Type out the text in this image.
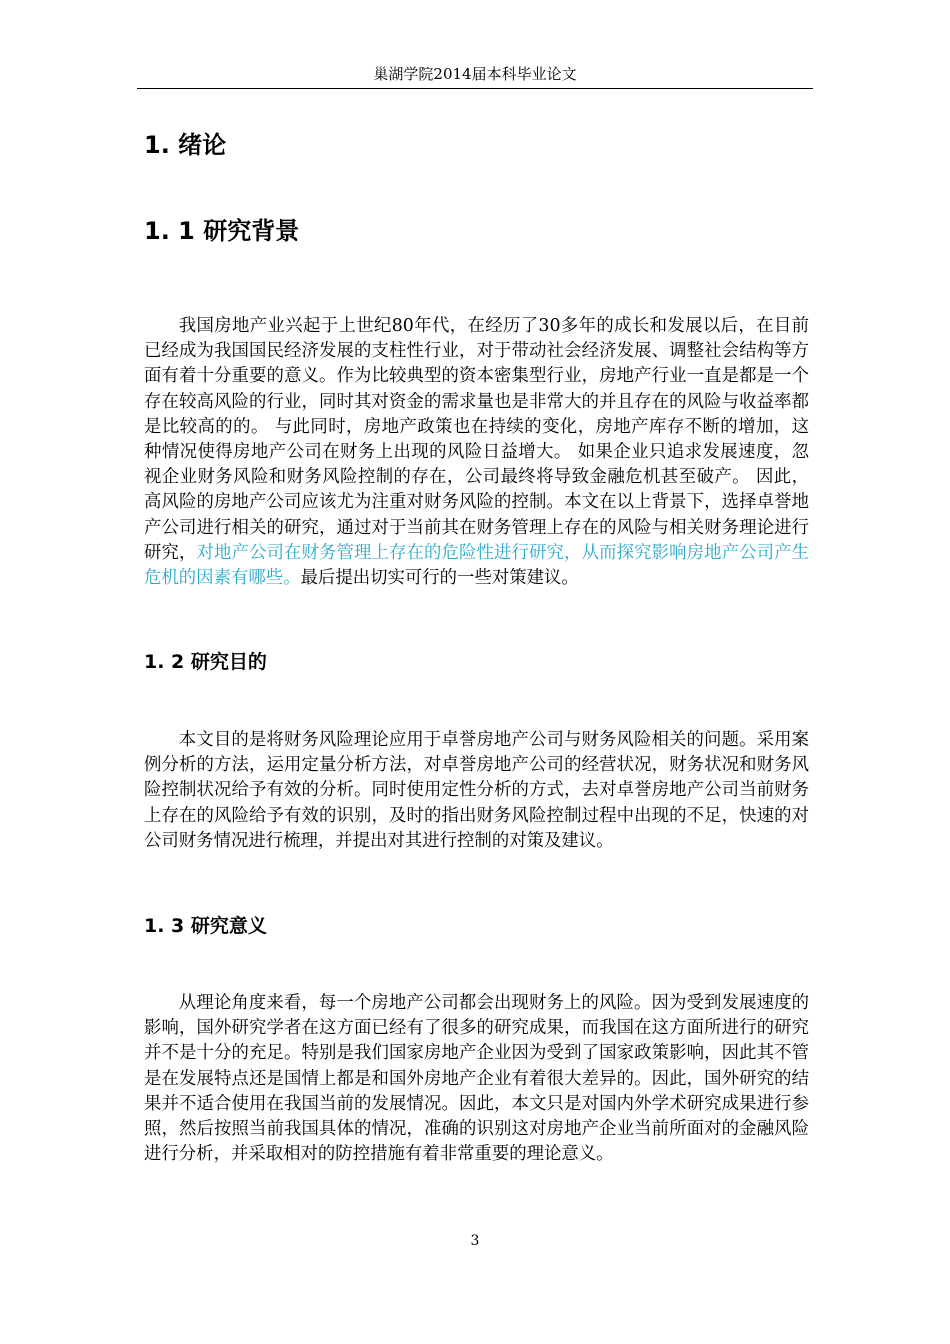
巢湖学院2014届本科毕业论文
1. 绪论
1. 1 研究背景

我国房地产业兴起于上世纪80年代，在经历了30多年的成长和发展以后，在目前已经成为我国国民经济发展的支柱性行业，对于带动社会经济发展、调整社会结构等方面有着十分重要的意义。作为比较典型的资本密集型行业，房地产行业一直是都是一个存在较高风险的行业，同时其对资金的需求量也是非常大的并且存在的风险与收益率都是比较高的的。 与此同时，房地产政策也在持续的变化，房地产库存不断的增加，这种情况使得房地产公司在财务上出现的风险日益增大。 如果企业只追求发展速度，忽视企业财务风险和财务风险控制的存在，公司最终将导致金融危机甚至破产。 因此，高风险的房地产公司应该尤为注重对财务风险的控制。本文在以上背景下，选择卓誉地产公司进行相关的研究，通过对于当前其在财务管理上存在的风险与相关财务理论进行研究，对地产公司在财务管理上存在的危险性进行研究，从而探究影响房地产公司产生危机的因素有哪些。最后提出切实可行的一些对策建议。

1. 2 研究目的

本文目的是将财务风险理论应用于卓誉房地产公司与财务风险相关的问题。采用案例分析的方法，运用定量分析方法，对卓誉房地产公司的经营状况，财务状况和财务风险控制状况给予有效的分析。同时使用定性分析的方式，去对卓誉房地产公司当前财务上存在的风险给予有效的识别，及时的指出财务风险控制过程中出现的不足，快速的对公司财务情况进行梳理，并提出对其进行控制的对策及建议。

1. 3 研究意义

从理论角度来看，每一个房地产公司都会出现财务上的风险。因为受到发展速度的影响，国外研究学者在这方面已经有了很多的研究成果，而我国在这方面所进行的研究并不是十分的充足。特别是我们国家房地产企业因为受到了国家政策影响，因此其不管是在发展特点还是国情上都是和国外房地产企业有着很大差异的。因此，国外研究的结果并不适合使用在我国当前的发展情况。因此，本文只是对国内外学术研究成果进行参照，然后按照当前我国具体的情况，准确的识别这对房地产企业当前所面对的金融风险进行分析，并采取相对的防控措施有着非常重要的理论意义。

3
